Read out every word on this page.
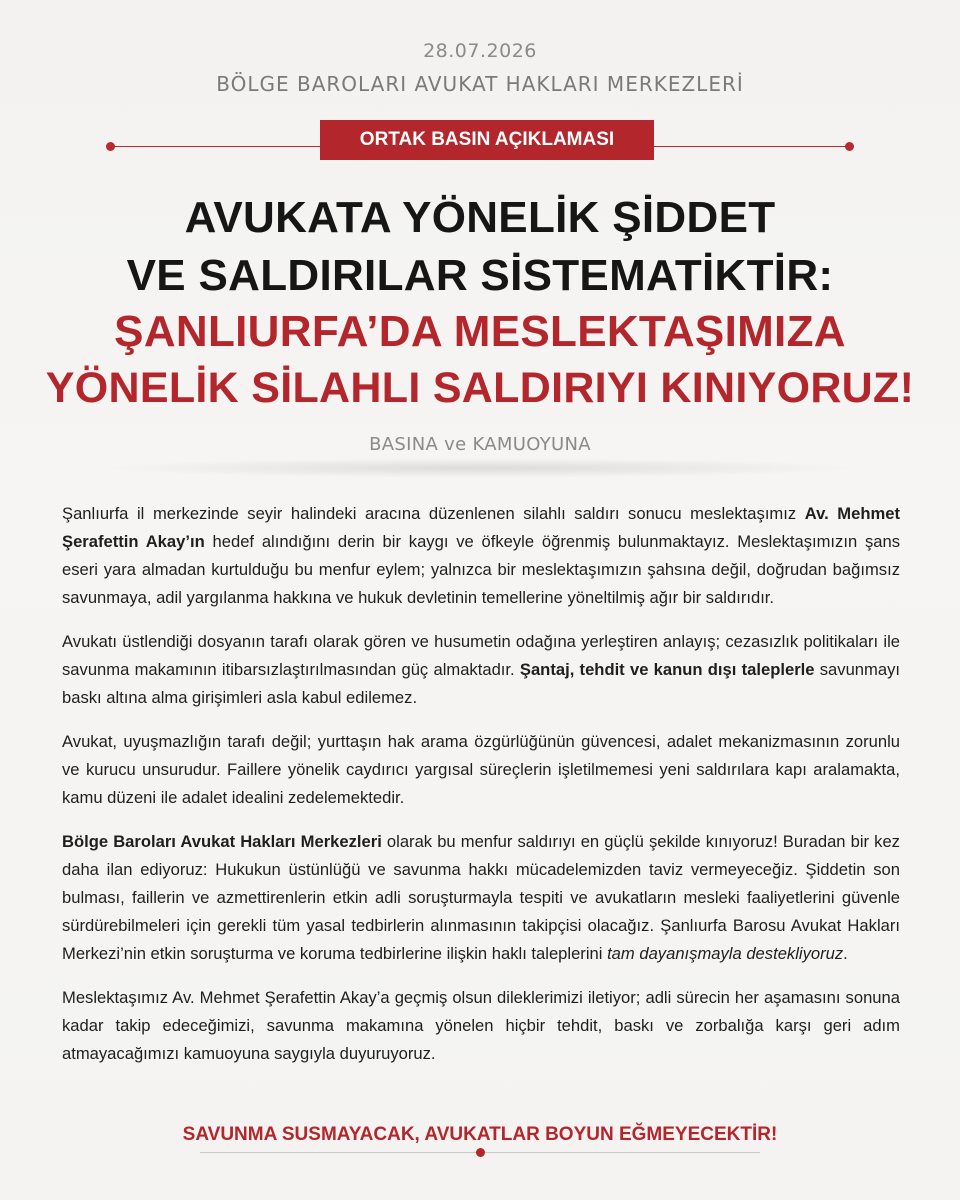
28.07.2026
BÖLGE BAROLARI AVUKAT HAKLARI MERKEZLERİ
ORTAK BASIN AÇIKLAMASI
AVUKATA YÖNELİK ŞİDDET
VE SALDIRILAR SİSTEMATİKTİR:
ŞANLIURFA’DA MESLEKTAŞIMIZA
YÖNELİK SİLAHLI SALDIRIYI KINIYORUZ!
BASINA ve KAMUOYUNA

Şanlıurfa il merkezinde seyir halindeki aracına düzenlenen silahlı saldırı sonucu meslektaşımız Av. Mehmet Şerafettin Akay’ın hedef alındığını derin bir kaygı ve öfkeyle öğrenmiş bulunmaktayız. Meslektaşımızın şans eseri yara almadan kurtulduğu bu menfur eylem; yalnızca bir meslektaşımızın şahsına değil, doğrudan bağımsız savunmaya, adil yargılanma hakkına ve hukuk devletinin temellerine yöneltilmiş ağır bir saldırıdır.

Avukatı üstlendiği dosyanın tarafı olarak gören ve husumetin odağına yerleştiren anlayış; cezasızlık politikaları ile savunma makamının itibarsızlaştırılmasından güç almaktadır. Şantaj, tehdit ve kanun dışı taleplerle savunmayı baskı altına alma girişimleri asla kabul edilemez.

Avukat, uyuşmazlığın tarafı değil; yurttaşın hak arama özgürlüğünün güvencesi, adalet mekanizmasının zorunlu ve kurucu unsurudur. Faillere yönelik caydırıcı yargısal süreçlerin işletilmemesi yeni saldırılara kapı aralamakta, kamu düzeni ile adalet idealini zedelemektedir.

Bölge Baroları Avukat Hakları Merkezleri olarak bu menfur saldırıyı en güçlü şekilde kınıyoruz! Buradan bir kez daha ilan ediyoruz: Hukukun üstünlüğü ve savunma hakkı mücadelemizden taviz vermeyeceğiz. Şiddetin son bulması, faillerin ve azmettirenlerin etkin adli soruşturmayla tespiti ve avukatların mesleki faaliyetlerini güvenle sürdürebilmeleri için gerekli tüm yasal tedbirlerin alınmasının takipçisi olacağız. Şanlıurfa Barosu Avukat Hakları Merkezi’nin etkin soruşturma ve koruma tedbirlerine ilişkin haklı taleplerini tam dayanışmayla destekliyoruz.

Meslektaşımız Av. Mehmet Şerafettin Akay’a geçmiş olsun dileklerimizi iletiyor; adli sürecin her aşamasını sonuna kadar takip edeceğimizi, savunma makamına yönelen hiçbir tehdit, baskı ve zorbalığa karşı geri adım atmayacağımızı kamuoyuna saygıyla duyuruyoruz.

SAVUNMA SUSMAYACAK, AVUKATLAR BOYUN EĞMEYECEKTİR!
